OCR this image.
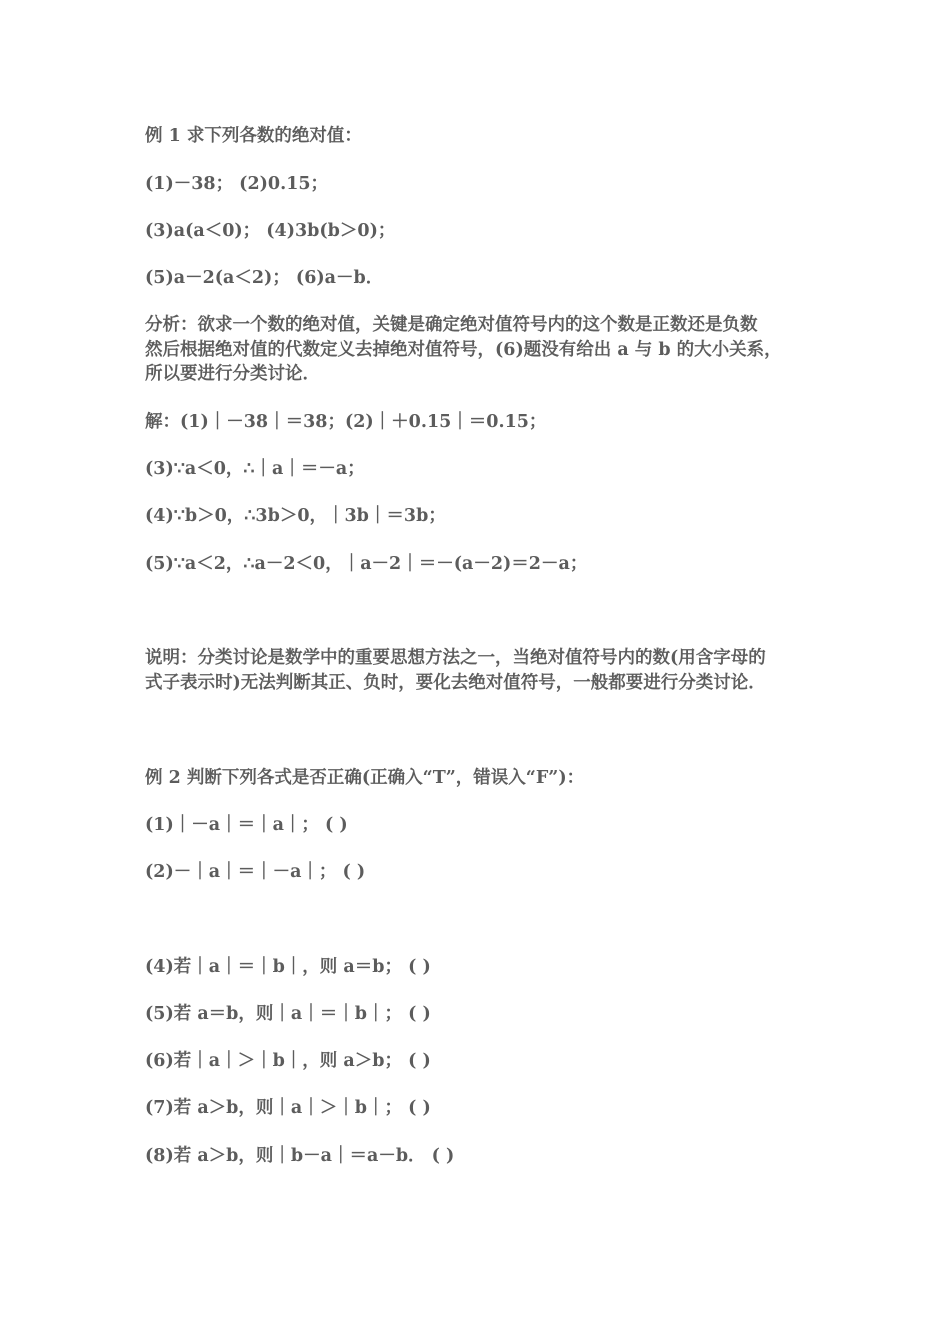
例 1 求下列各数的绝对值：
(1)－38； (2)0.15；
(3)a(a＜0)； (4)3b(b＞0)；
(5)a－2(a＜2)； (6)a－b．
分析：欲求一个数的绝对值，关键是确定绝对值符号内的这个数是正数还是负数
然后根据绝对值的代数定义去掉绝对值符号，(6)题没有给出 a 与 b 的大小关系，
所以要进行分类讨论．
解：(1)｜－38｜＝38；(2)｜＋0.15｜＝0.15；
(3)∵a＜0，∴｜a｜＝－a；
(4)∵b＞0，∴3b＞0，｜3b｜＝3b；
(5)∵a＜2，∴a－2＜0，｜a－2｜＝－(a－2)＝2－a；
说明：分类讨论是数学中的重要思想方法之一，当绝对值符号内的数(用含字母的
式子表示时)无法判断其正、负时，要化去绝对值符号，一般都要进行分类讨论．
例 2 判断下列各式是否正确(正确入“T”，错误入“F”)：
(1)｜－a｜＝｜a｜； ( )
(2)－｜a｜＝｜－a｜； ( )
(4)若｜a｜＝｜b｜，则 a＝b； ( )
(5)若 a＝b，则｜a｜＝｜b｜； ( )
(6)若｜a｜＞｜b｜，则 a＞b； ( )
(7)若 a＞b，则｜a｜＞｜b｜； ( )
(8)若 a＞b，则｜b－a｜＝a－b． ( )
